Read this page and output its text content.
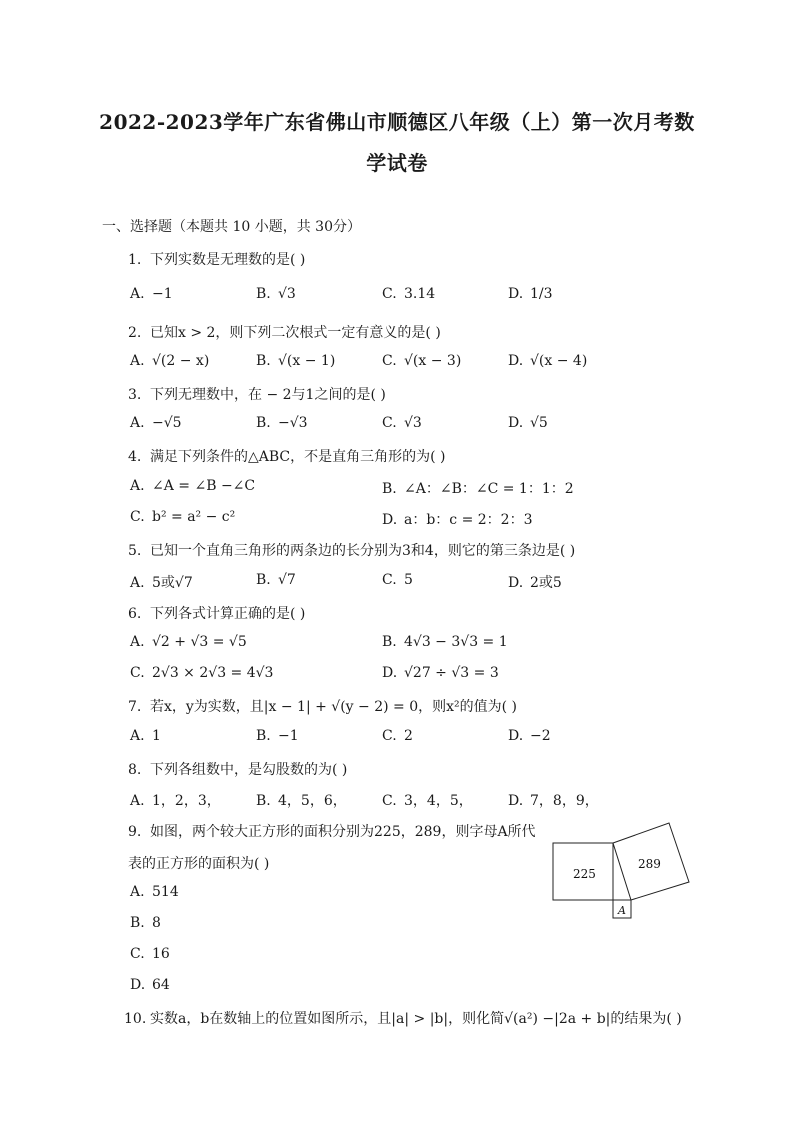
2022-2023学年广东省佛山市顺德区八年级（上）第一次月考数
学试卷
一、选择题（本题共 10 小题，共 30分）
1. 下列实数是无理数的是( )
A. −1	B. √3	C. 3.14	D. 1/3
2. 已知x > 2，则下列二次根式一定有意义的是( )
A. √(2 − x)	B. √(x − 1)	C. √(x − 3)	D. √(x − 4)
3. 下列无理数中，在 − 2与1之间的是( )
A. −√5	B. −√3	C. √3	D. √5
4. 满足下列条件的△ABC，不是直角三角形的为( )
A. ∠A = ∠B −∠C	B. ∠A：∠B：∠C = 1：1：2
C. b² = a² − c²	D. a：b：c = 2：2：3
5. 已知一个直角三角形的两条边的长分别为3和4，则它的第三条边是( )
A. 5或√7	B. √7	C. 5	D. 2或5
6. 下列各式计算正确的是( )
A. √2 + √3 = √5	B. 4√3 − 3√3 = 1
C. 2√3 × 2√3 = 4√3	D. √27 ÷ √3 = 3
7. 若x，y为实数，且|x − 1| + √(y − 2) = 0，则x²的值为( )
A. 1	B. −1	C. 2	D. −2
8. 下列各组数中，是勾股数的为( )
A. 1，2，3，	B. 4，5，6，	C. 3，4，5，	D. 7，8，9，
9. 如图，两个较大正方形的面积分别为225，289，则字母A所代
表的正方形的面积为( )
A. 514
B. 8
C. 16
D. 64
225
289
A
10. 实数a，b在数轴上的位置如图所示，且|a| > |b|，则化简√(a²) −|2a + b|的结果为( )
